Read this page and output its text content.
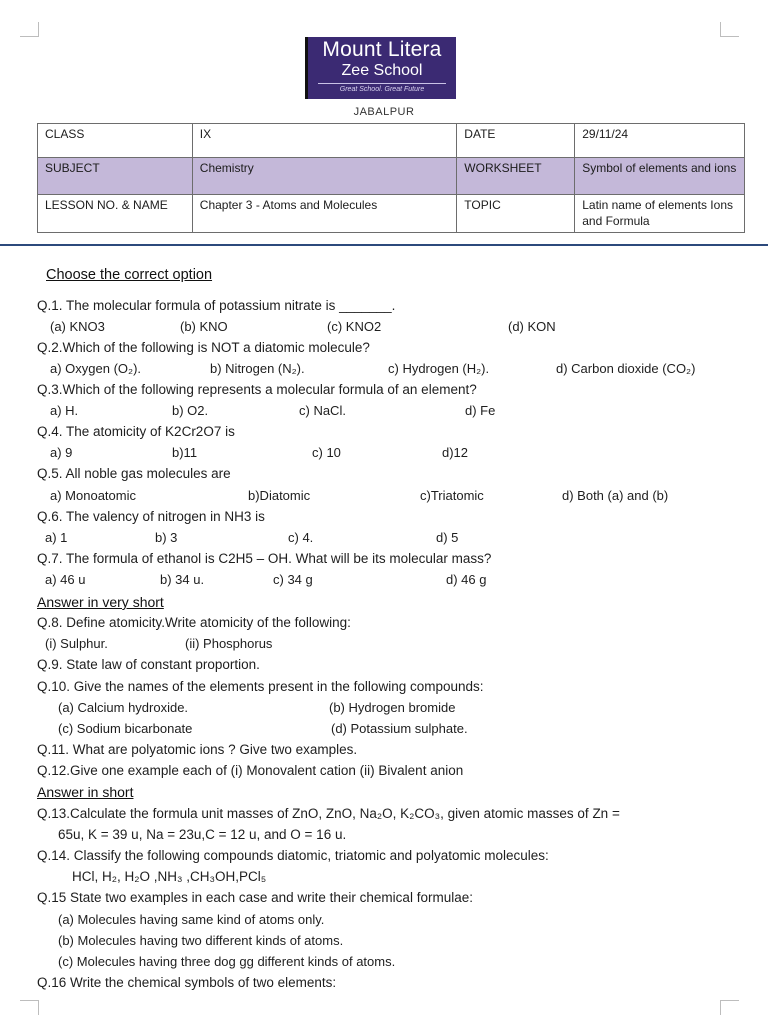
Mount Litera
Zee School
Great School. Great Future
JABALPUR
CLASS	IX	DATE	29/11/24
SUBJECT	Chemistry	WORKSHEET	Symbol of elements and ions
LESSON NO. & NAME	Chapter 3 - Atoms and Molecules	TOPIC	Latin name of elements Ions and Formula
Choose the correct option
Q.1. The molecular formula of potassium nitrate is _______.
(a) KNO3	(b) KNO	(c) KNO2	(d) KON
Q.2.Which of the following is NOT a diatomic molecule?
a) Oxygen (O₂).	b) Nitrogen (N₂).	c) Hydrogen (H₂).	d) Carbon dioxide (CO₂)
Q.3.Which of the following represents a molecular formula of an element?
a) H.	b) O2.	c) NaCl.	d) Fe
Q.4. The atomicity of K2Cr2O7 is
a) 9	b)11	c) 10	d)12
Q.5. All noble gas molecules are
a) Monoatomic	b)Diatomic	c)Triatomic	d) Both (a) and (b)
Q.6. The valency of nitrogen in NH3 is
a) 1	b) 3	c) 4.	d) 5
Q.7. The formula of ethanol is C2H5 – OH. What will be its molecular mass?
a) 46 u	b) 34 u.	c) 34 g	d) 46 g
Answer in very short
Q.8. Define atomicity.Write atomicity of the following:
(i) Sulphur.	(ii) Phosphorus
Q.9. State law of constant proportion.
Q.10. Give the names of the elements present in the following compounds:
(a) Calcium hydroxide.	(b) Hydrogen bromide
(c) Sodium bicarbonate	(d) Potassium sulphate.
Q.11. What are polyatomic ions ? Give two examples.
Q.12.Give one example each of (i) Monovalent cation (ii) Bivalent anion
Answer in short
Q.13.Calculate the formula unit masses of ZnO, ZnO, Na₂O, K₂CO₃, given atomic masses of Zn =
65u, K = 39 u, Na = 23u,C = 12 u, and O = 16 u.
Q.14. Classify the following compounds diatomic, triatomic and polyatomic molecules:
HCl, H₂, H₂O ,NH₃ ,CH₃OH,PCl₅
Q.15 State two examples in each case and write their chemical formulae:
(a) Molecules having same kind of atoms only.
(b) Molecules having two different kinds of atoms.
(c) Molecules having three dog gg different kinds of atoms.
Q.16 Write the chemical symbols of two elements:
